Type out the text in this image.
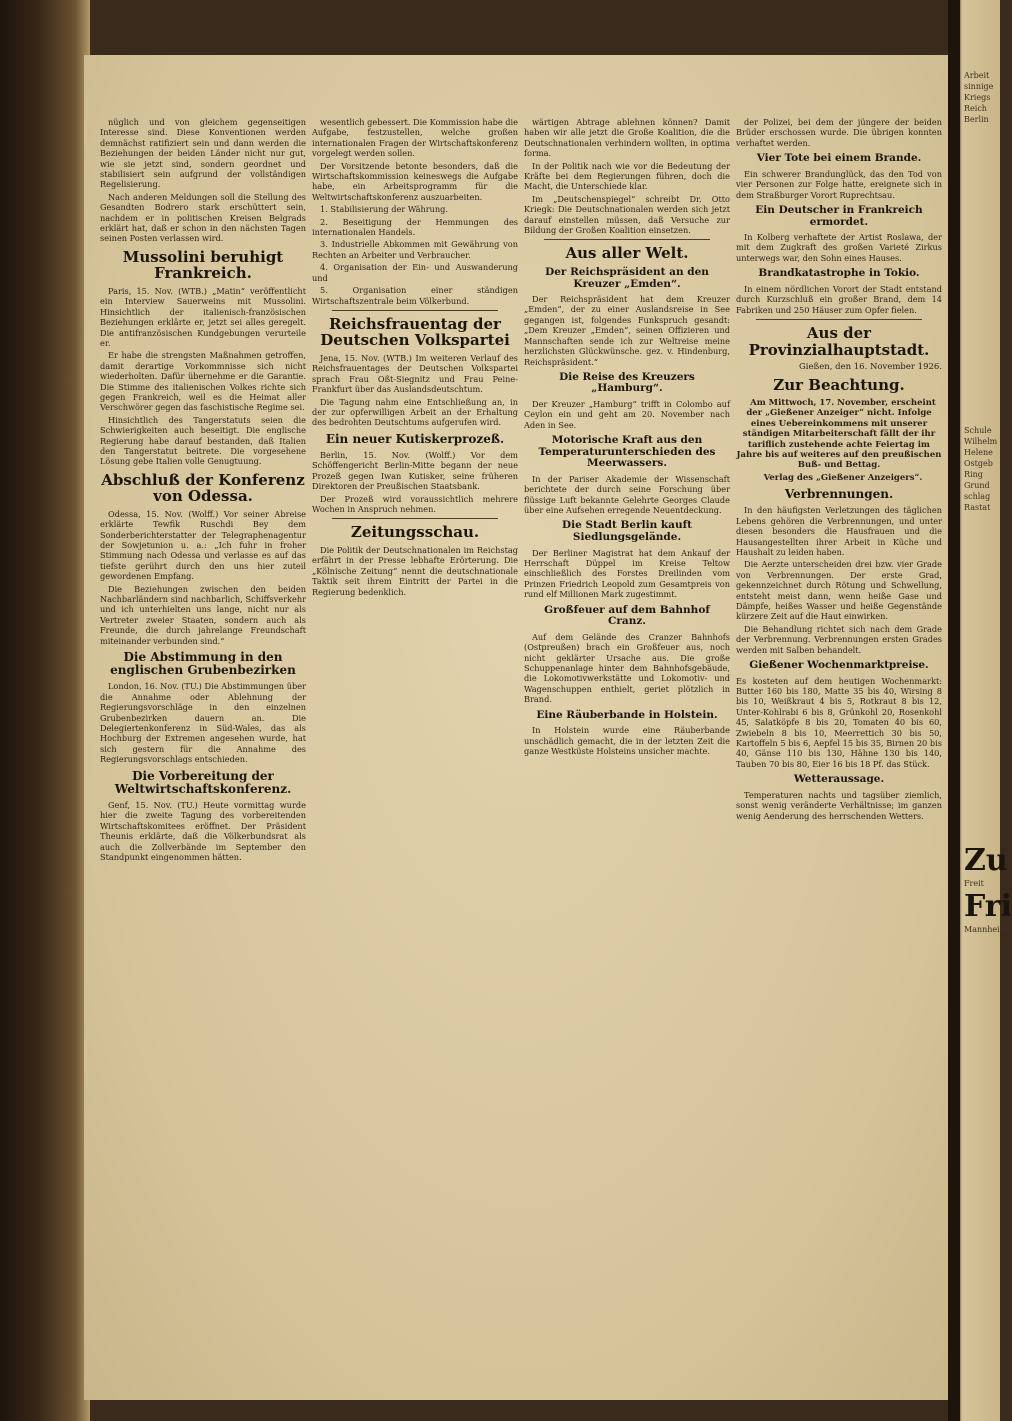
nüglich und von gleichem gegenseitigen Interesse sind. Diese Konventionen werden demnächst ratifiziert sein und dann werden die Beziehungen der beiden Länder nicht nur gut, wie sie jetzt sind, sondern geordnet und stabilisiert sein aufgrund der vollständigen Regelisierung.

Nach anderen Meldungen soll die Stellung des Gesandten Bodrero stark erschüttert sein, nachdem er in politischen Kreisen Belgrads erklärt hat, daß er schon in den nächsten Tagen seinen Posten verlassen wird.

Mussolini beruhigt Frankreich.

Paris, 15. Nov. (WTB.) „Matin“ veröffentlicht ein Interview Sauerweins mit Mussolini. Hinsichtlich der italienisch-französischen Beziehungen erklärte er, jetzt sei alles geregelt. Die antifranzösischen Kundgebungen verurteile er.

Er habe die strengsten Maßnahmen getroffen, damit derartige Vorkommnisse sich nicht wiederholten. Dafür übernehme er die Garantie. Die Stimme des italienischen Volkes richte sich gegen Frankreich, weil es die Heimat aller Verschwörer gegen das faschistische Regime sei.

Hinsichtlich des Tangerstatuts seien die Schwierigkeiten auch beseitigt. Die englische Regierung habe darauf bestanden, daß Italien den Tangerstatut beitrete. Die vorgesehene Lösung gebe Italien volle Genugtuung.

Abschluß der Konferenz von Odessa.

Odessa, 15. Nov. (Wolff.) Vor seiner Abreise erklärte Tewfik Ruschdi Bey dem Sonderberichterstatter der Telegraphenagentur der Sowjetunion u. a.: „Ich fuhr in froher Stimmung nach Odessa und verlasse es auf das tiefste gerührt durch den uns hier zuteil gewordenen Empfang.

Die Beziehungen zwischen den beiden Nachbarländern sind nachbarlich, Schiffsverkehr und ich unterhielten uns lange, nicht nur als Vertreter zweier Staaten, sondern auch als Freunde, die durch jahrelange Freundschaft miteinander verbunden sind.“

Die Abstimmung in den englischen Grubenbezirken

London, 16. Nov. (TU.) Die Abstimmungen über die Annahme oder Ablehnung der Regierungsvorschläge in den einzelnen Grubenbezirken dauern an. Die Delegiertenkonferenz in Süd-Wales, das als Hochburg der Extremen angesehen wurde, hat sich gestern für die Annahme des Regierungsvorschlags entschieden.

Die Vorbereitung der Weltwirtschaftskonferenz.

Genf, 15. Nov. (TU.) Heute vormittag wurde hier die zweite Tagung des vorbereitenden Wirtschaftskomitees eröffnet. Der Präsident Theunis erklärte, daß die Völkerbundsrat als auch die Zollverbände im September den Standpunkt eingenommen hätten.

wesentlich gebessert. Die Kommission habe die Aufgabe, festzustellen, welche großen internationalen Fragen der Wirtschaftskonferenz vorgelegt werden sollen.

Der Vorsitzende betonte besonders, daß die Wirtschaftskommission keineswegs die Aufgabe habe, ein Arbeitsprogramm für die Weltwirtschaftskonferenz auszuarbeiten.

1. Stabilisierung der Währung.

2. Beseitigung der Hemmungen des internationalen Handels.

3. Industrielle Abkommen mit Gewährung von Rechten an Arbeiter und Verbraucher.

4. Organisation der Ein- und Auswanderung und

5. Organisation einer ständigen Wirtschaftszentrale beim Völkerbund.

Reichsfrauentag der Deutschen Volkspartei

Jena, 15. Nov. (WTB.) Im weiteren Verlauf des Reichsfrauentages der Deutschen Volkspartei sprach Frau Oßt-Siegnitz und Frau Peine-Frankfurt über das Auslandsdeutschtum.

Die Tagung nahm eine Entschließung an, in der zur opferwilligen Arbeit an der Erhaltung des bedrohten Deutschtums aufgerufen wird.

Ein neuer Kutiskerprozeß.

Berlin, 15. Nov. (Wolff.) Vor dem Schöffengericht Berlin-Mitte begann der neue Prozeß gegen Iwan Kutisker, seine früheren Direktoren der Preußischen Staatsbank.

Der Prozeß wird voraussichtlich mehrere Wochen in Anspruch nehmen.

Zeitungsschau.

Die Politik der Deutschnationalen im Reichstag erfährt in der Presse lebhafte Erörterung. Die „Kölnische Zeitung“ nennt die deutschnationale Taktik seit ihrem Eintritt der Partei in die Regierung bedenklich.

wärtigen Abtrage ablehnen können? Damit haben wir alle jetzt die Große Koalition, die die Deutschnationalen verhindern wollten, in optima forma.

In der Politik nach wie vor die Bedeutung der Kräfte bei dem Regierungen führen, doch die Macht, die Unterschiede klar.

Im „Deutschenspiegel“ schreibt Dr. Otto Kriegk: Die Deutschnationalen werden sich jetzt darauf einstellen müssen, daß Versuche zur Bildung der Großen Koalition einsetzen.

Aus aller Welt.
Der Reichspräsident an den Kreuzer „Emden“.

Der Reichspräsident hat dem Kreuzer „Emden“, der zu einer Auslandsreise in See gegangen ist, folgendes Funkspruch gesandt: „Dem Kreuzer „Emden“, seinen Offizieren und Mannschaften sende ich zur Weltreise meine herzlichsten Glückwünsche. gez. v. Hindenburg, Reichspräsident.“

Die Reise des Kreuzers „Hamburg“.

Der Kreuzer „Hamburg“ trifft in Colombo auf Ceylon ein und geht am 20. November nach Aden in See.

Motorische Kraft aus den Temperaturunterschieden des Meerwassers.

In der Pariser Akademie der Wissenschaft berichtete der durch seine Forschung über flüssige Luft bekannte Gelehrte Georges Claude über eine Aufsehen erregende Neuentdeckung.

Die Stadt Berlin kauft Siedlungsgelände.

Der Berliner Magistrat hat dem Ankauf der Herrschaft Düppel im Kreise Teltow einschließlich des Forstes Dreilinden vom Prinzen Friedrich Leopold zum Gesamtpreis von rund elf Millionen Mark zugestimmt.

Großfeuer auf dem Bahnhof Cranz.

Auf dem Gelände des Cranzer Bahnhofs (Ostpreußen) brach ein Großfeuer aus, noch nicht geklärter Ursache aus. Die große Schuppenanlage hinter dem Bahnhofsgebäude, die Lokomotivwerkstätte und Lokomotiv- und Wagenschuppen enthielt, geriet plötzlich in Brand.

Eine Räuberbande in Holstein.

In Holstein wurde eine Räuberbande unschädlich gemacht, die in der letzten Zeit die ganze Westküste Holsteins unsicher machte.

der Polizei, bei dem der jüngere der beiden Brüder erschossen wurde. Die übrigen konnten verhaftet werden.

Vier Tote bei einem Brande.

Ein schwerer Brandunglück, das den Tod von vier Personen zur Folge hatte, ereignete sich in dem Straßburger Vorort Ruprechtsau.

Ein Deutscher in Frankreich ermordet.

In Kolberg verhaftete der Artist Roslawa, der mit dem Zugkraft des großen Varieté Zirkus unterwegs war, den Sohn eines Hauses.

Brandkatastrophe in Tokio.

In einem nördlichen Vorort der Stadt entstand durch Kurzschluß ein großer Brand, dem 14 Fabriken und 250 Häuser zum Opfer fielen.

Aus der Provinzialhauptstadt.
Gießen, den 16. November 1926.
Zur Beachtung.

Am Mittwoch, 17. November, erscheint der „Gießener Anzeiger“ nicht. Infolge eines Uebereinkommens mit unserer ständigen Mitarbeiterschaft fällt der ihr tariflich zustehende achte Feiertag im Jahre bis auf weiteres auf den preußischen Buß- und Bettag.

Verlag des „Gießener Anzeigers“.

Verbrennungen.

In den häufigsten Verletzungen des täglichen Lebens gehören die Verbrennungen, und unter diesen besonders die Hausfrauen und die Hausangestellten ihrer Arbeit in Küche und Haushalt zu leiden haben.

Die Aerzte unterscheiden drei bzw. vier Grade von Verbrennungen. Der erste Grad, gekennzeichnet durch Rötung und Schwellung, entsteht meist dann, wenn heiße Gase und Dämpfe, heißes Wasser und heiße Gegenstände kürzere Zeit auf die Haut einwirken.

Die Behandlung richtet sich nach dem Grade der Verbrennung. Verbrennungen ersten Grades werden mit Salben behandelt.

Gießener Wochenmarktpreise.

Es kosteten auf dem heutigen Wochenmarkt: Butter 160 bis 180, Matte 35 bis 40, Wirsing 8 bis 10, Weißkraut 4 bis 5, Rotkraut 8 bis 12, Unter-Kohlrabi 6 bis 8, Grünkohl 20, Rosenkohl 45, Salatköpfe 8 bis 20, Tomaten 40 bis 60, Zwiebeln 8 bis 10, Meerrettich 30 bis 50, Kartoffeln 5 bis 6, Aepfel 15 bis 35, Birnen 20 bis 40, Gänse 110 bis 130, Hähne 130 bis 140, Tauben 70 bis 80, Eier 16 bis 18 Pf. das Stück.

Wetteraussage.

Temperaturen nachts und tagsüber ziemlich, sonst wenig veränderte Verhältnisse; im ganzen wenig Aenderung des herrschenden Wetters.

Arbeit
sinnige
Kriegs
Reich
Berlin
Schule
Wilhelm
Helene
Ostgeb
Ring
Grund
schlag
Rastat
Zu
Freit
Fri
Mannheim
